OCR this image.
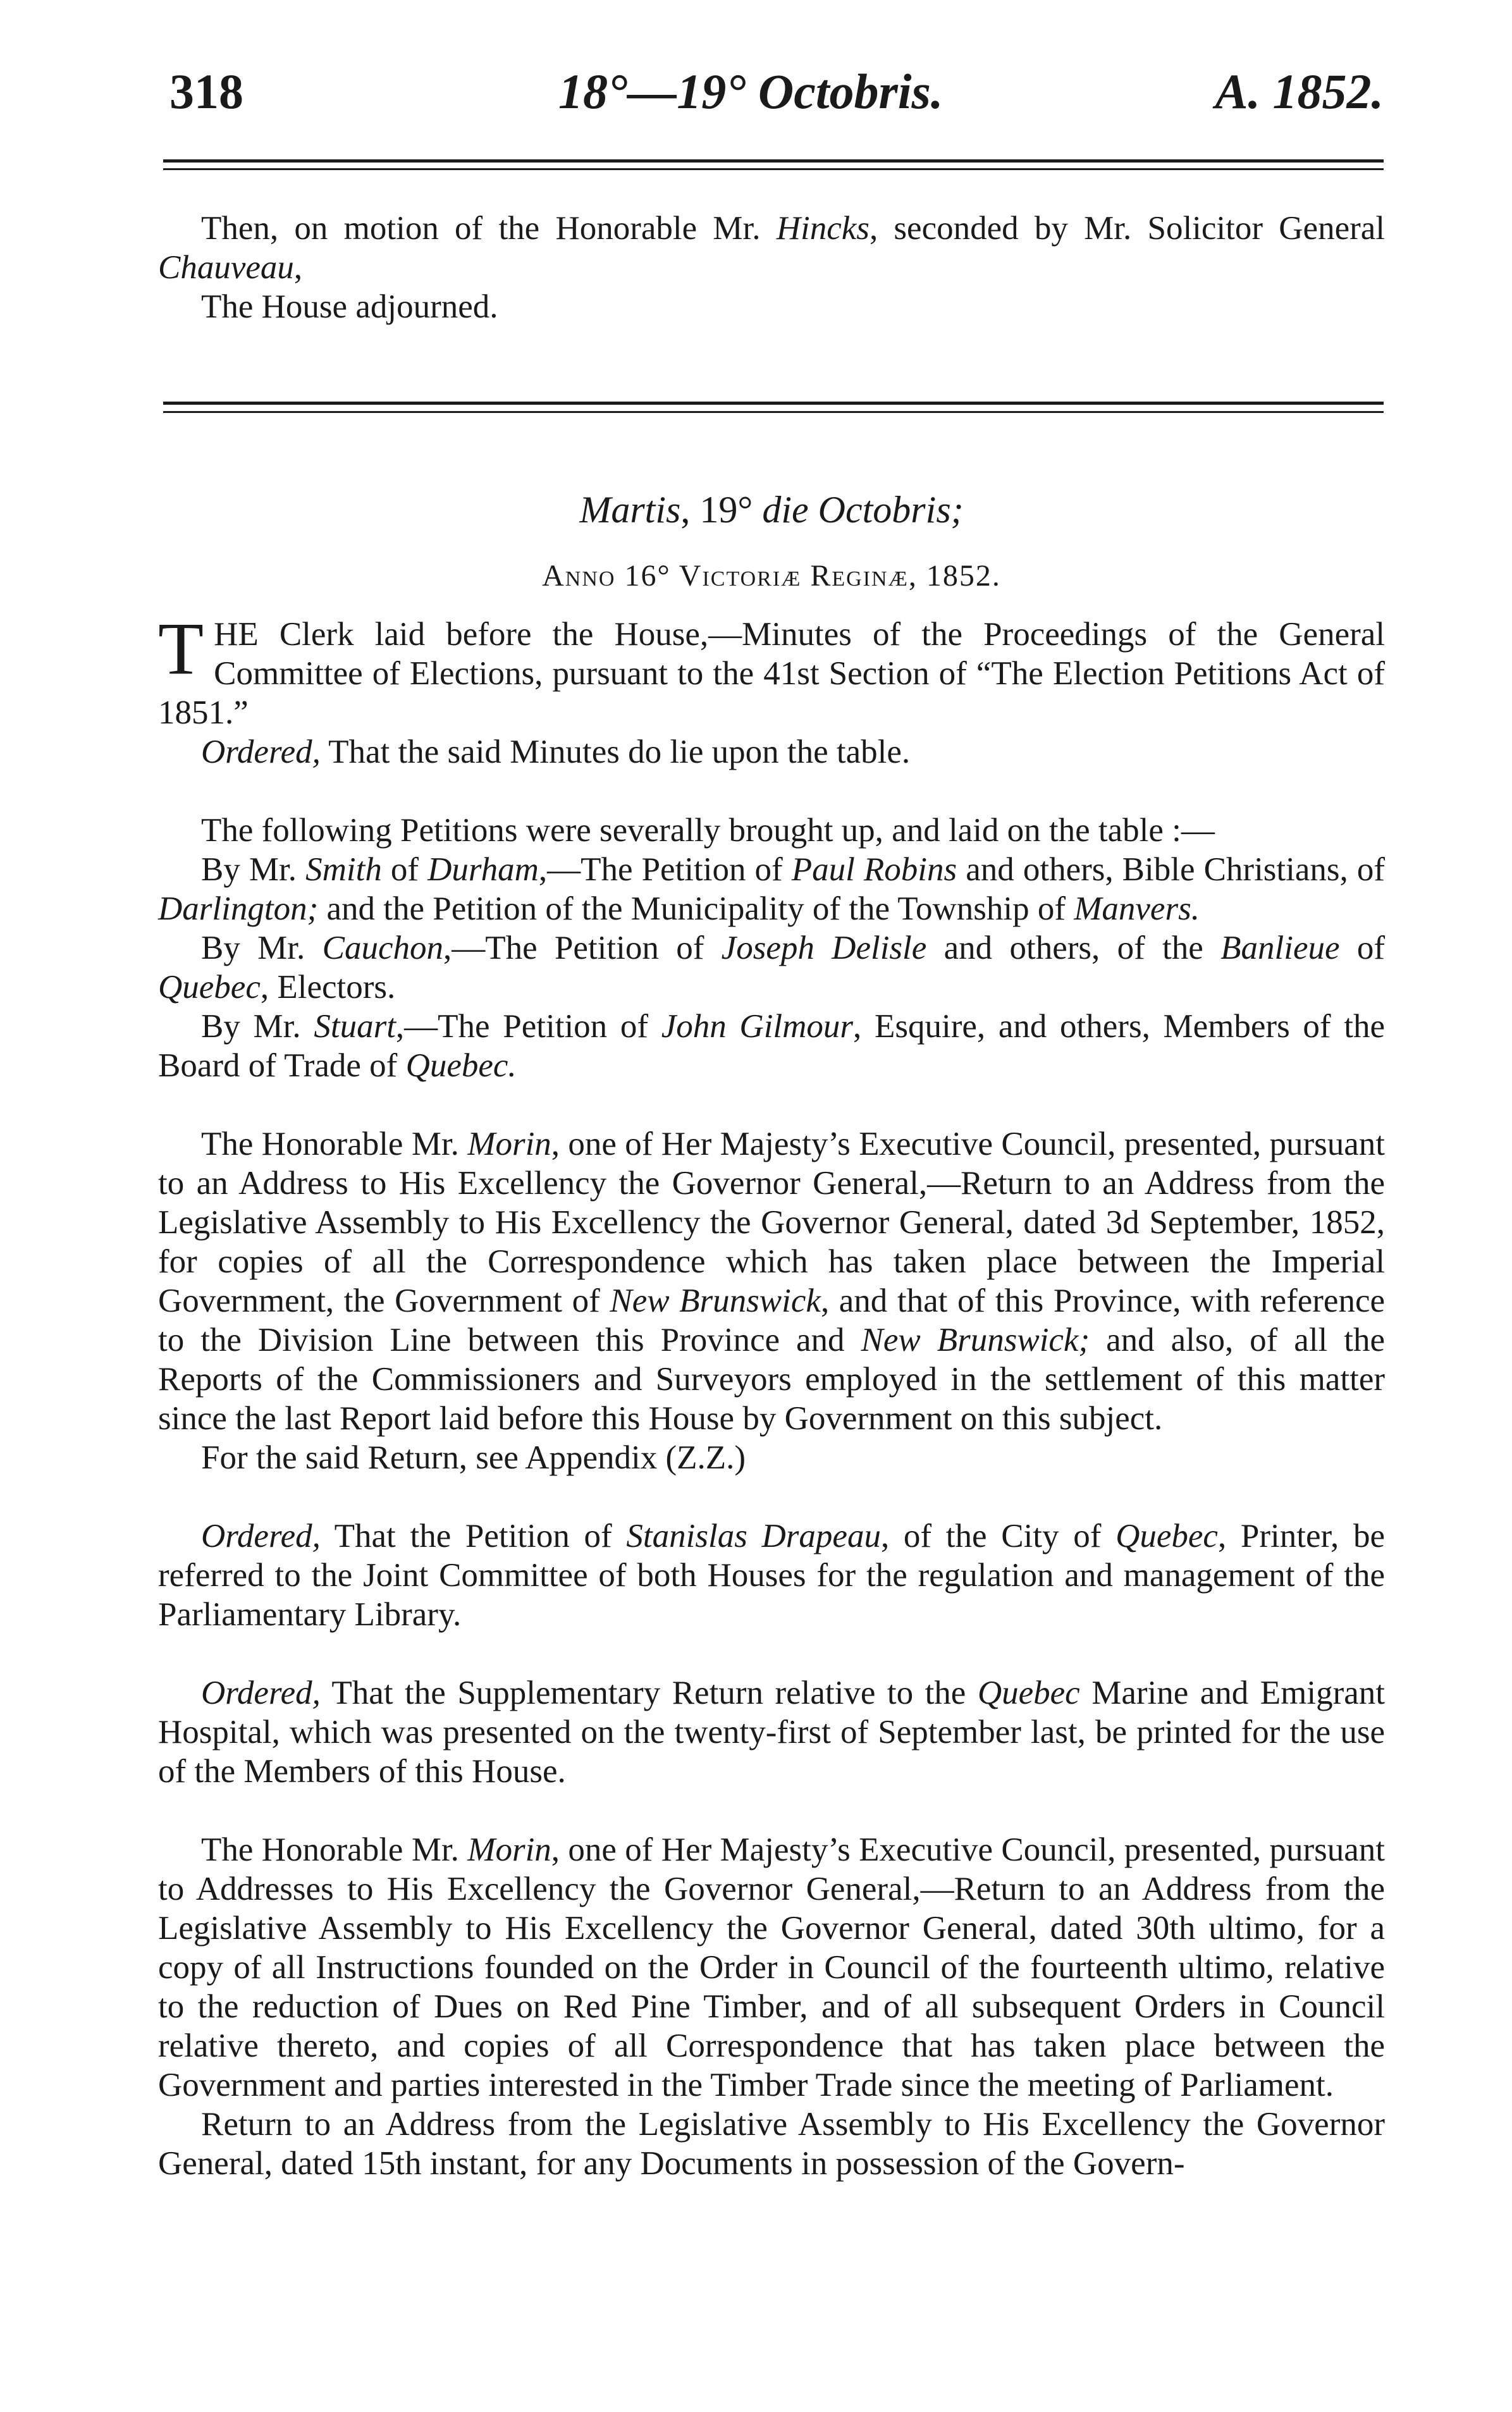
318	18°—19° Octobris.	A. 1852.

Then, on motion of the Honorable Mr. Hincks, seconded by Mr. Solicitor General Chauveau,

The House adjourned.

Martis, 19° die Octobris;
Anno 16° Victoriæ Reginæ, 1852.

THE Clerk laid before the House,—Minutes of the Proceedings of the General Committee of Elections, pursuant to the 41st Section of “The Election Petitions Act of 1851.”

Ordered, That the said Minutes do lie upon the table.

The following Petitions were severally brought up, and laid on the table :—

By Mr. Smith of Durham,—The Petition of Paul Robins and others, Bible Christians, of Darlington; and the Petition of the Municipality of the Township of Manvers.

By Mr. Cauchon,—The Petition of Joseph Delisle and others, of the Banlieue of Quebec, Electors.

By Mr. Stuart,—The Petition of John Gilmour, Esquire, and others, Members of the Board of Trade of Quebec.

The Honorable Mr. Morin, one of Her Majesty’s Executive Council, presented, pursuant to an Address to His Excellency the Governor General,—Return to an Address from the Legislative Assembly to His Excellency the Governor General, dated 3d September, 1852, for copies of all the Correspondence which has taken place between the Imperial Government, the Government of New Brunswick, and that of this Province, with reference to the Division Line between this Province and New Brunswick; and also, of all the Reports of the Commissioners and Surveyors employed in the settlement of this matter since the last Report laid before this House by Government on this subject.

For the said Return, see Appendix (Z.Z.)

Ordered, That the Petition of Stanislas Drapeau, of the City of Quebec, Printer, be referred to the Joint Committee of both Houses for the regulation and management of the Parliamentary Library.

Ordered, That the Supplementary Return relative to the Quebec Marine and Emigrant Hospital, which was presented on the twenty-first of September last, be printed for the use of the Members of this House.

The Honorable Mr. Morin, one of Her Majesty’s Executive Council, presented, pursuant to Addresses to His Excellency the Governor General,—Return to an Address from the Legislative Assembly to His Excellency the Governor General, dated 30th ultimo, for a copy of all Instructions founded on the Order in Council of the fourteenth ultimo, relative to the reduction of Dues on Red Pine Timber, and of all subsequent Orders in Council relative thereto, and copies of all Correspondence that has taken place between the Government and parties interested in the Timber Trade since the meeting of Parliament.

Return to an Address from the Legislative Assembly to His Excellency the Governor General, dated 15th instant, for any Documents in possession of the Govern-
